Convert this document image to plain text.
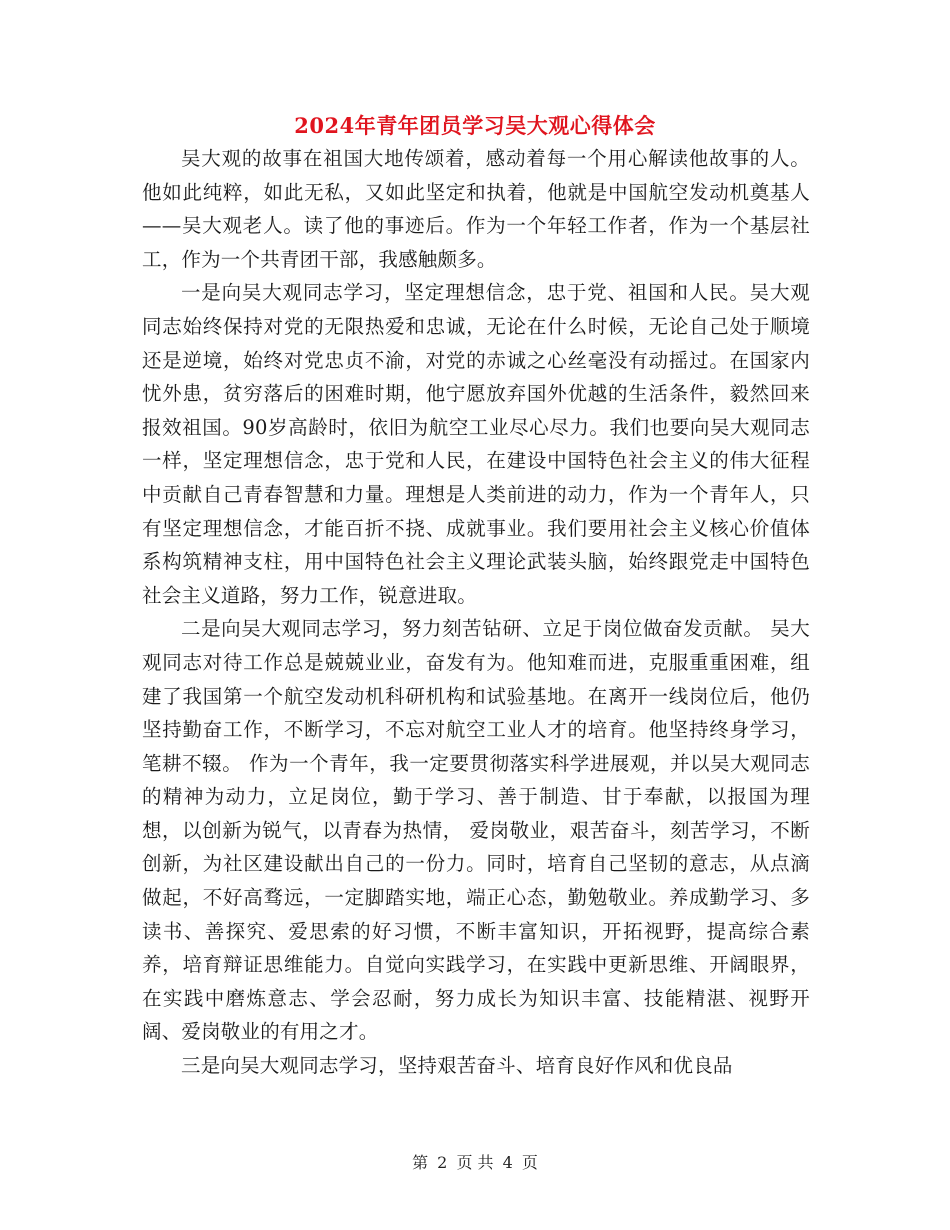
2024年青年团员学习吴大观心得体会

吴大观的故事在祖国大地传颂着，感动着每一个用心解读他故事的人。他如此纯粹，如此无私，又如此坚定和执着，他就是中国航空发动机奠基人——吴大观老人。读了他的事迹后。作为一个年轻工作者，作为一个基层社工，作为一个共青团干部，我感触颇多。

一是向吴大观同志学习，坚定理想信念，忠于党、祖国和人民。吴大观同志始终保持对党的无限热爱和忠诚，无论在什么时候，无论自己处于顺境还是逆境，始终对党忠贞不渝，对党的赤诚之心丝毫没有动摇过。在国家内忧外患，贫穷落后的困难时期，他宁愿放弃国外优越的生活条件，毅然回来报效祖国。90岁高龄时，依旧为航空工业尽心尽力。我们也要向吴大观同志一样，坚定理想信念，忠于党和人民，在建设中国特色社会主义的伟大征程中贡献自己青春智慧和力量。理想是人类前进的动力，作为一个青年人，只有坚定理想信念，才能百折不挠、成就事业。我们要用社会主义核心价值体系构筑精神支柱，用中国特色社会主义理论武装头脑，始终跟党走中国特色社会主义道路，努力工作，锐意进取。

二是向吴大观同志学习，努力刻苦钻研、立足于岗位做奋发贡献。 吴大观同志对待工作总是兢兢业业，奋发有为。他知难而进，克服重重困难，组建了我国第一个航空发动机科研机构和试验基地。在离开一线岗位后，他仍坚持勤奋工作，不断学习，不忘对航空工业人才的培育。他坚持终身学习，笔耕不辍。 作为一个青年，我一定要贯彻落实科学进展观，并以吴大观同志的精神为动力，立足岗位，勤于学习、善于制造、甘于奉献，以报国为理想，以创新为锐气，以青春为热情， 爱岗敬业，艰苦奋斗，刻苦学习，不断创新，为社区建设献出自己的一份力。同时，培育自己坚韧的意志，从点滴做起，不好高骛远，一定脚踏实地，端正心态，勤勉敬业。养成勤学习、多读书、善探究、爱思索的好习惯，不断丰富知识，开拓视野，提高综合素养，培育辩证思维能力。自觉向实践学习，在实践中更新思维、开阔眼界，在实践中磨炼意志、学会忍耐，努力成长为知识丰富、技能精湛、视野开阔、爱岗敬业的有用之才。

三是向吴大观同志学习，坚持艰苦奋斗、培育良好作风和优良品

第 2 页 共 4 页
